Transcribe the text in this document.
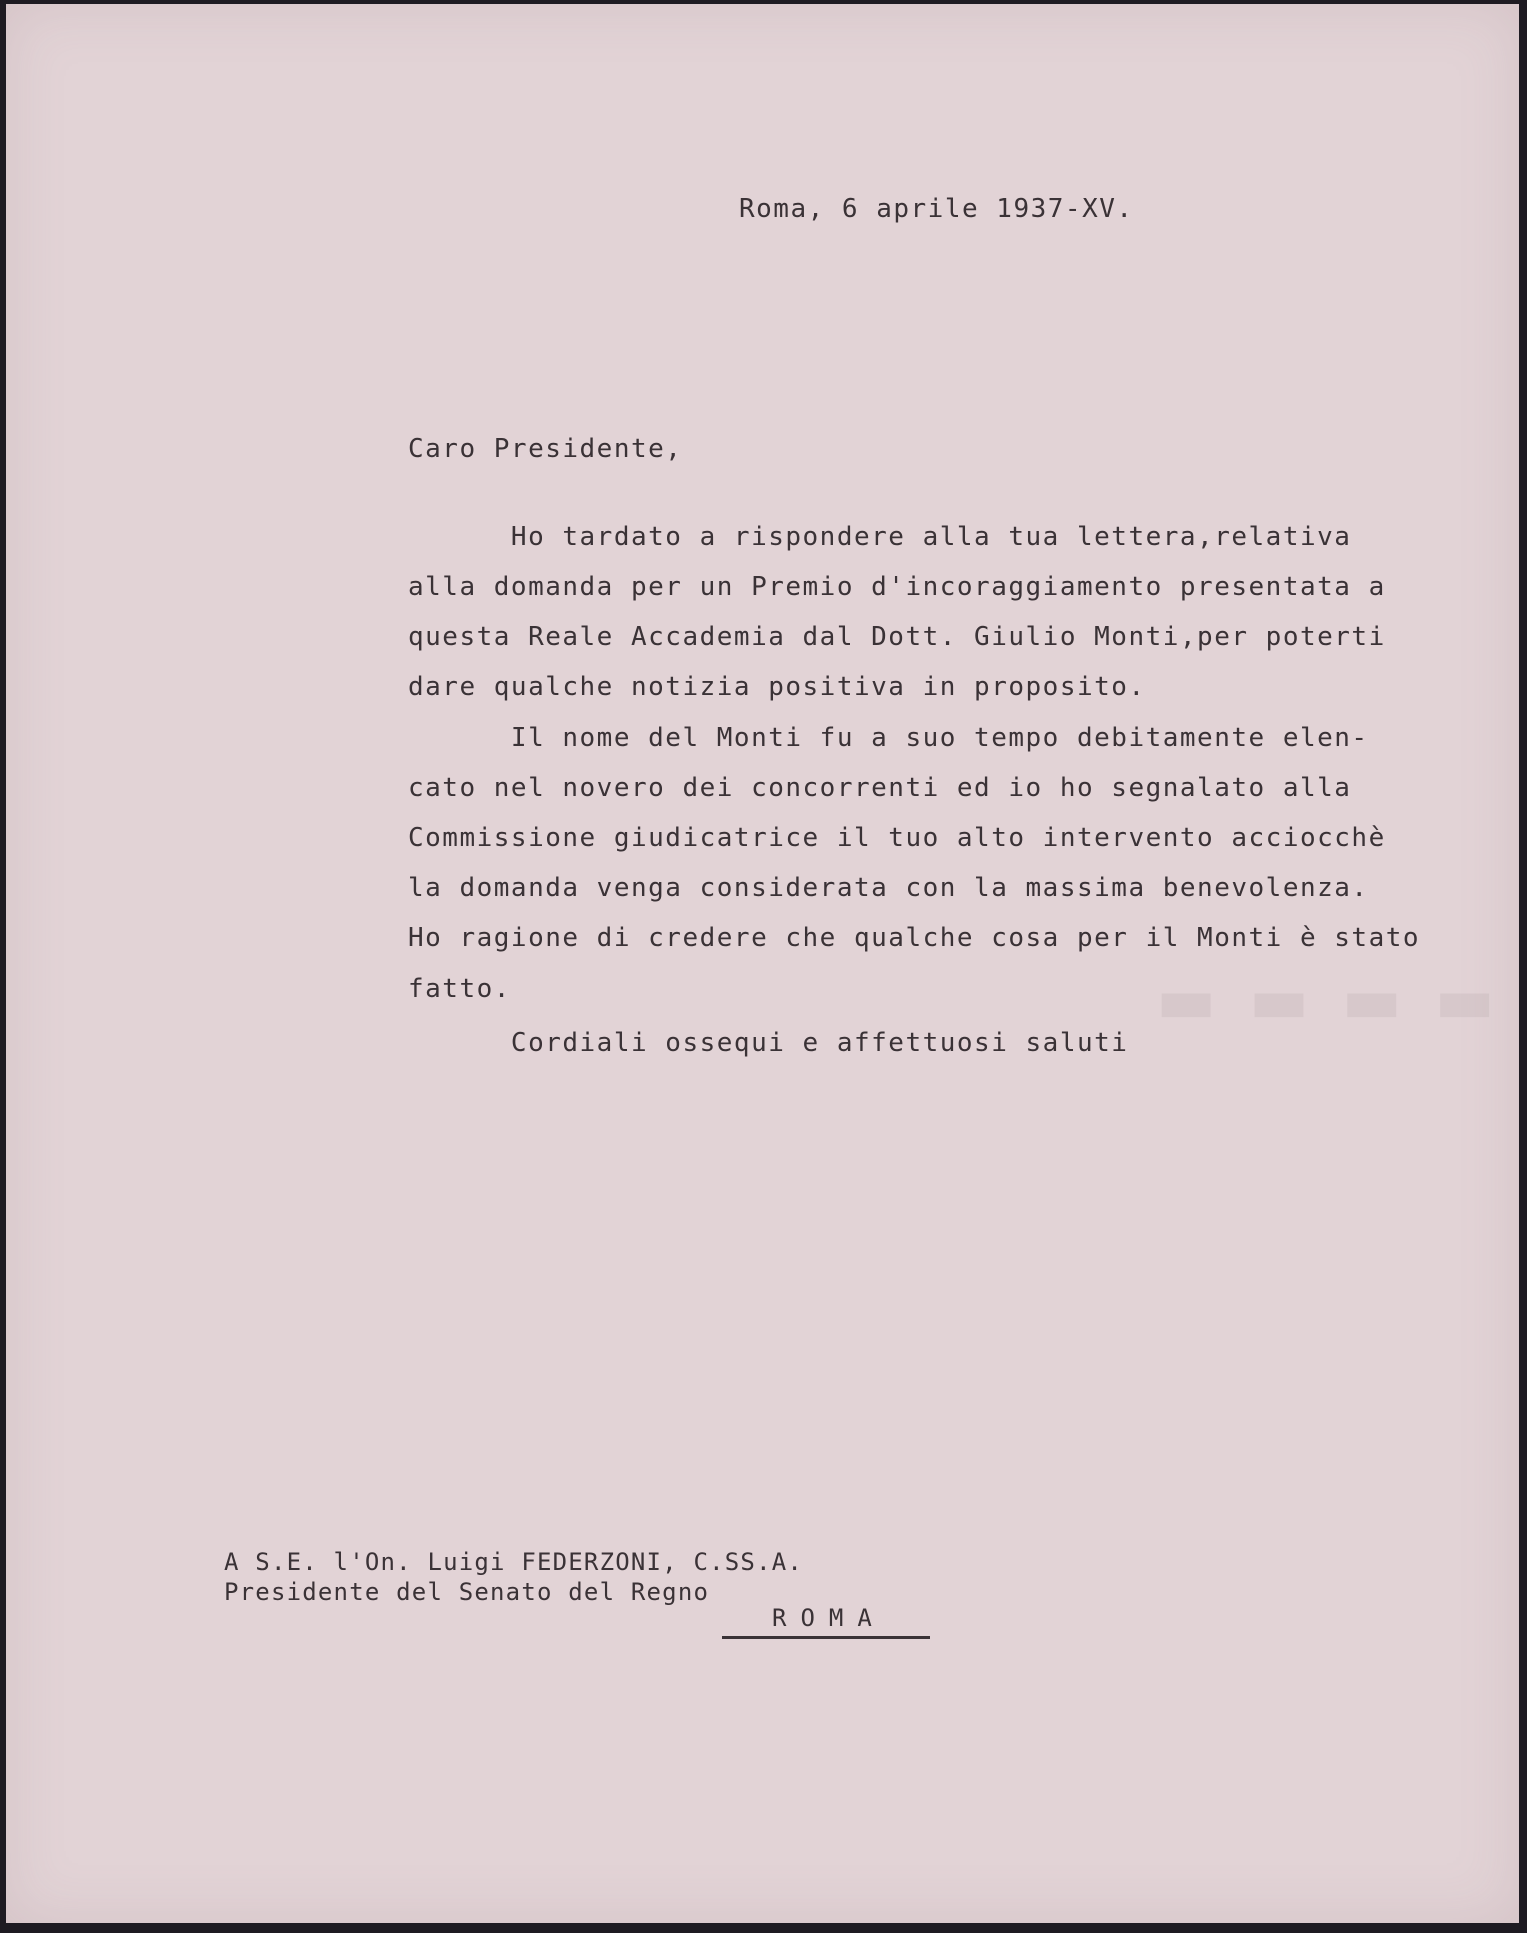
Roma, 6 aprile 1937-XV.
Caro Presidente,
Ho tardato a rispondere alla tua lettera,relativa
alla domanda per un Premio d'incoraggiamento presentata a
questa Reale Accademia dal Dott. Giulio Monti,per poterti
dare qualche notizia positiva in proposito.
Il nome del Monti fu a suo tempo debitamente elen-
cato nel novero dei concorrenti ed io ho segnalato alla
Commissione giudicatrice il tuo alto intervento acciocchè
la domanda venga considerata con la massima benevolenza.
Ho ragione di credere che qualche cosa per il Monti è stato
fatto.
Cordiali ossequi e affettuosi saluti
A S.E. l'On. Luigi FEDERZONI, C.SS.A.
Presidente del Senato del Regno
ROMA
▬ ▬ ▬ ▬
